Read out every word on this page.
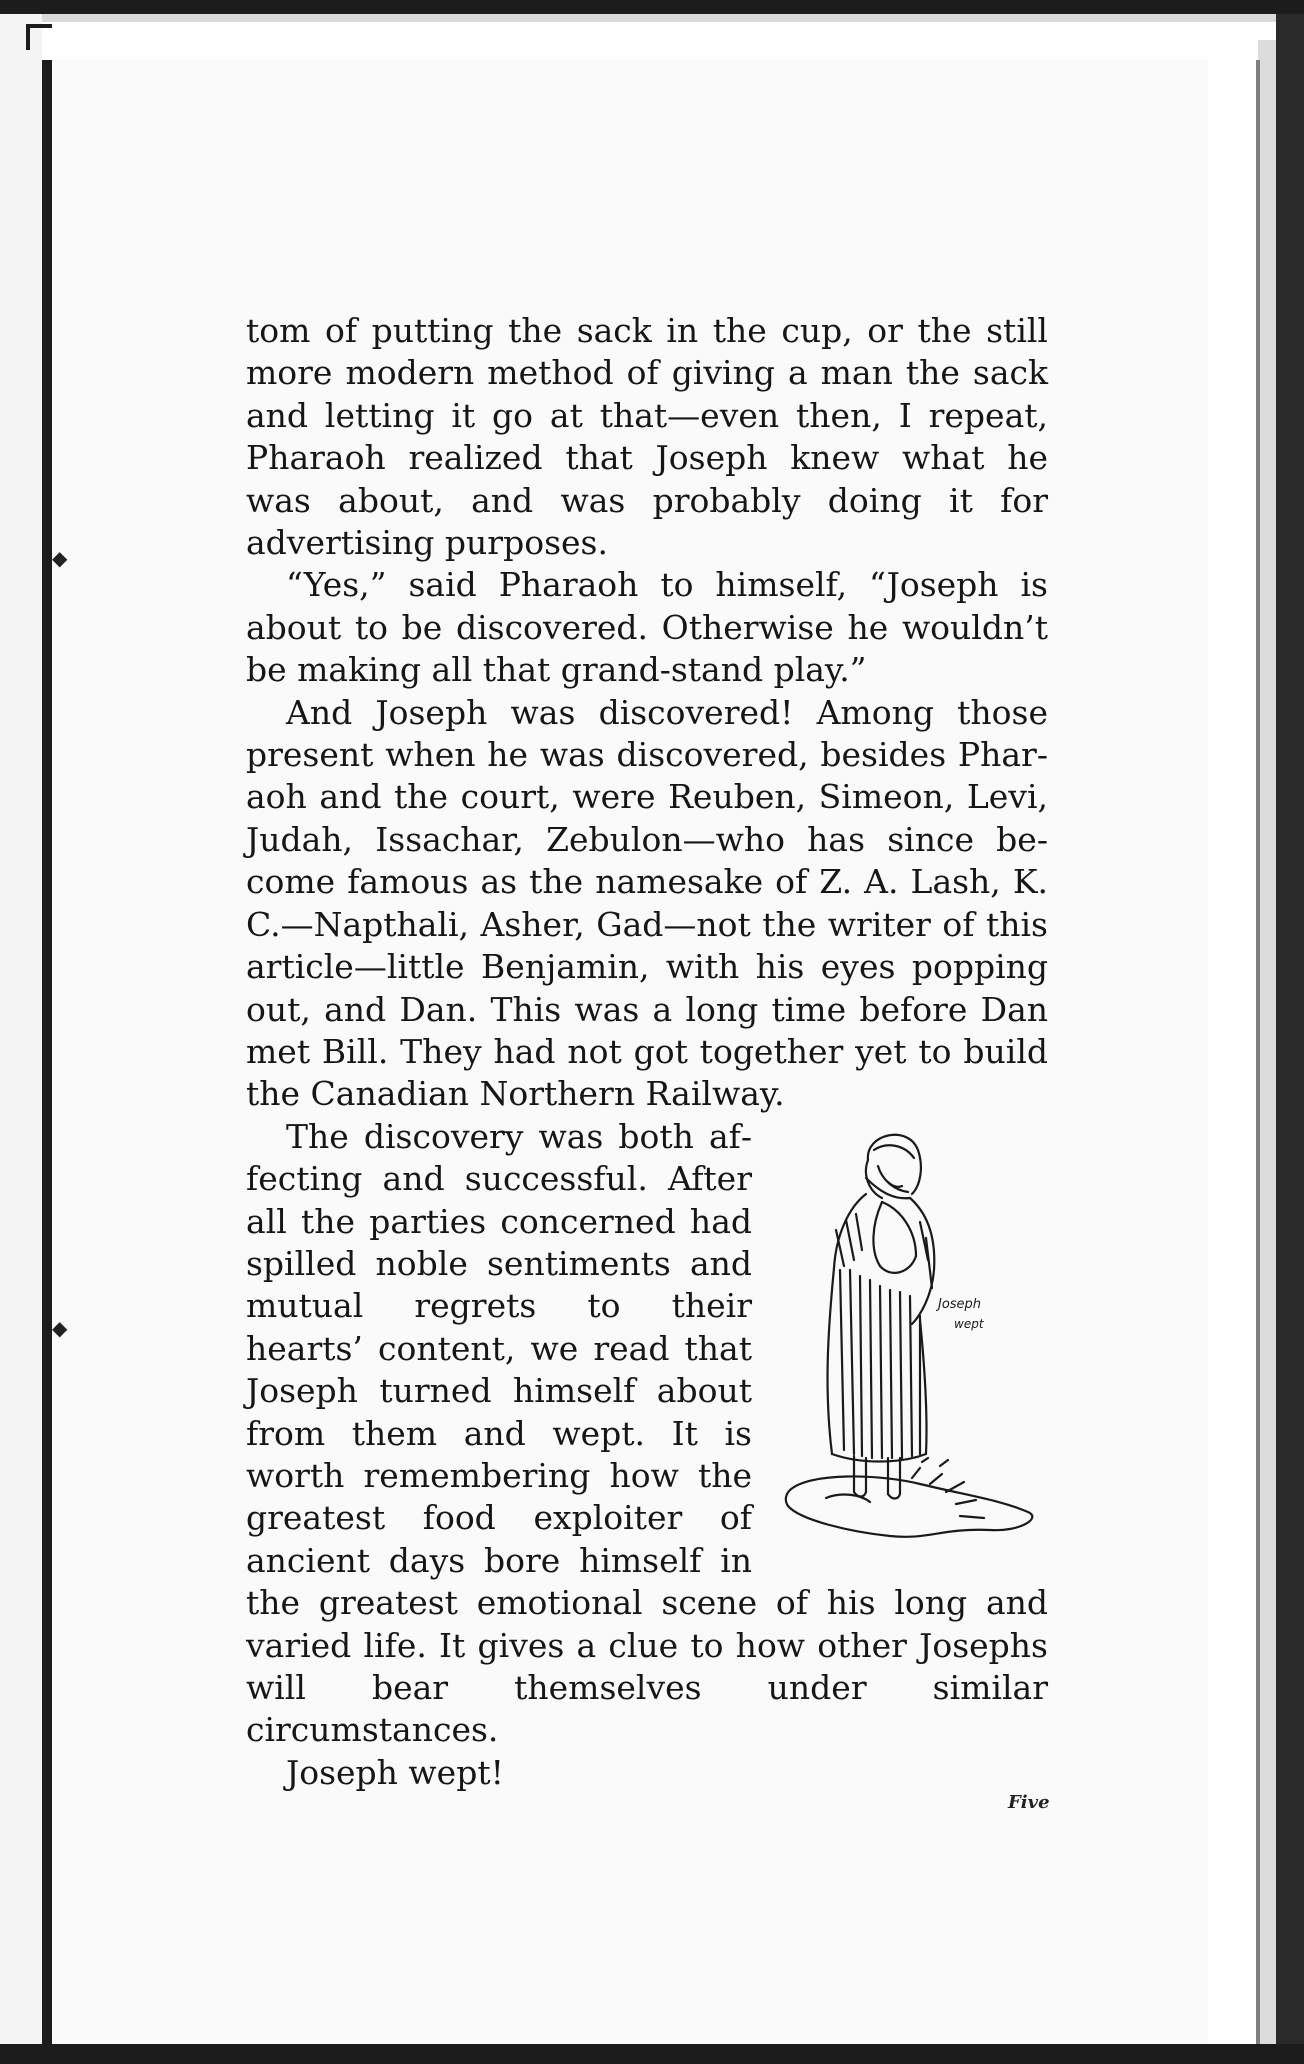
◆
◆

tom of putting the sack in the cup, or the still more modern method of giving a man the sack and letting it go at that—even then, I repeat, Pharaoh realized that Joseph knew what he was about, and was probably doing it for advertising purposes.

“Yes,” said Pharaoh to himself, “Joseph is about to be discovered. Otherwise he wouldn’t be making all that grand-stand play.”

And Joseph was discovered! Among those present when he was discovered, besides Pharaoh and the court, were Reuben, Simeon, Levi, Judah, Issachar, Zebulon—who has since become famous as the namesake of Z. A. Lash, K. C.—Napthali, Asher, Gad—not the writer of this article—little Benjamin, with his eyes popping out, and Dan. This was a long time before Dan met Bill. They had not got together yet to build the Canadian Northern Railway.

Joseph
wept

The discovery was both affecting and successful. After all the parties concerned had spilled noble sentiments and mutual regrets to their hearts’ content, we read that Joseph turned himself about from them and wept. It is worth remembering how the greatest food exploiter of ancient days bore himself in the greatest emotional scene of his long and varied life. It gives a clue to how other Josephs will bear themselves under similar circumstances.

Joseph wept!

Five
